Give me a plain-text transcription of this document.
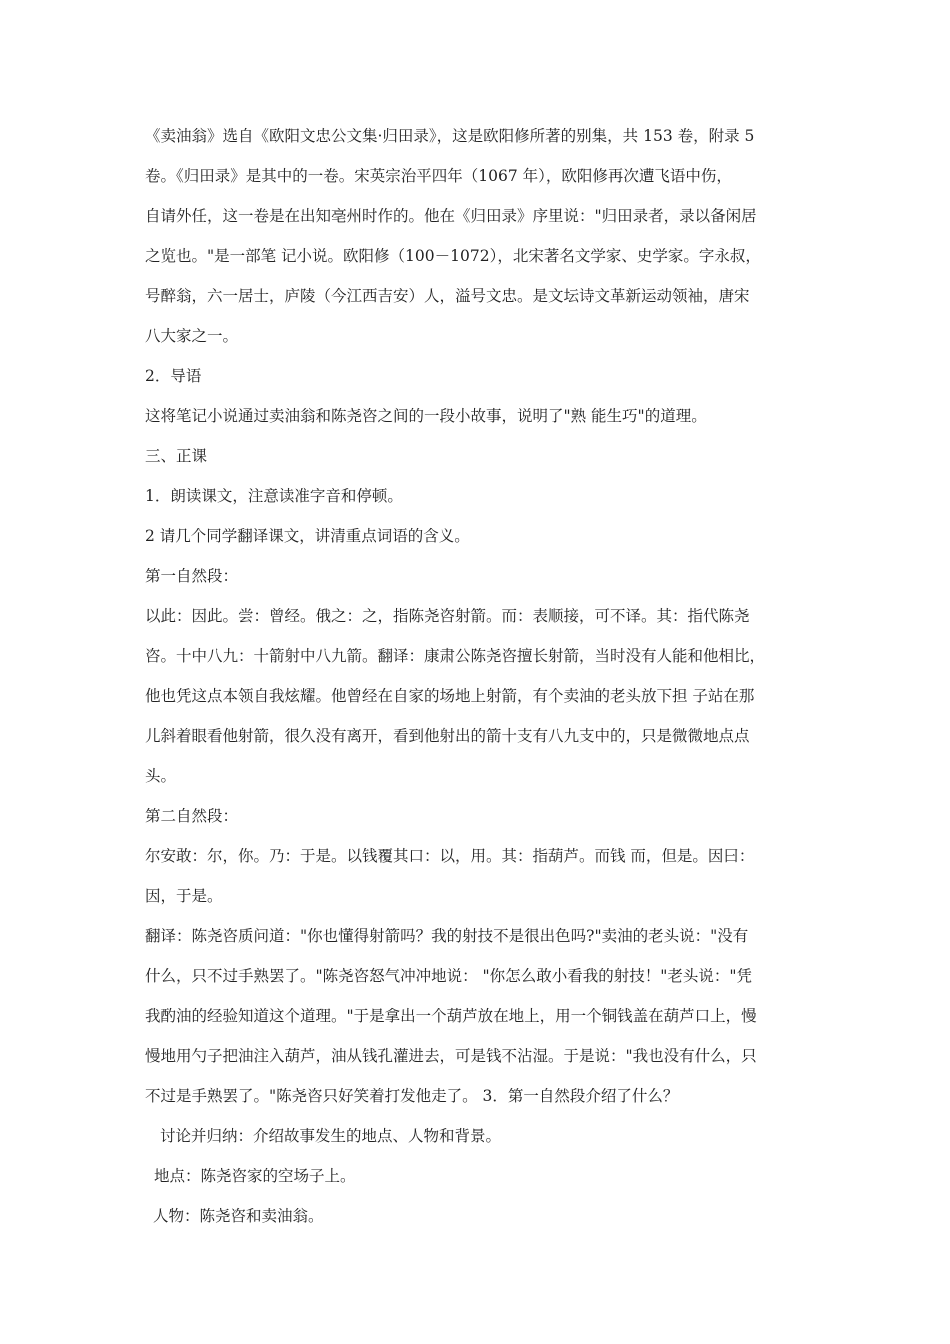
《卖油翁》选自《欧阳文忠公文集·归田录》，这是欧阳修所著的别集，共 153 卷，附录 5
卷。《归田录》是其中的一卷。宋英宗治平四年（1067 年），欧阳修再次遭飞语中伤，
自请外任，这一卷是在出知亳州时作的。他在《归田录》序里说："归田录者，录以备闲居
之览也。"是一部笔 记小说。欧阳修（100－1072），北宋著名文学家、史学家。字永叔，
号醉翁，六一居士，庐陵（今江西吉安）人，溢号文忠。是文坛诗文革新运动领袖，唐宋
八大家之一。
2．导语
这将笔记小说通过卖油翁和陈尧咨之间的一段小故事，说明了"熟 能生巧"的道理。
三、正课
1．朗读课文，注意读准字音和停顿。
2 请几个同学翻译课文，讲清重点词语的含义。
第一自然段：
以此：因此。尝：曾经。俄之：之，指陈尧咨射箭。而：表顺接，可不译。其：指代陈尧
咨。十中八九：十箭射中八九箭。翻译：康肃公陈尧咨擅长射箭，当时没有人能和他相比，
他也凭这点本领自我炫耀。他曾经在自家的场地上射箭，有个卖油的老头放下担 子站在那
儿斜着眼看他射箭，很久没有离开，看到他射出的箭十支有八九支中的，只是微微地点点
头。
第二自然段：
尔安敢：尔，你。乃：于是。以钱覆其口：以，用。其：指葫芦。而钱 而，但是。因曰：
因，于是。
翻译：陈尧咨质问道："你也懂得射箭吗？我的射技不是很出色吗?"卖油的老头说："没有
什么，只不过手熟罢了。"陈尧咨怒气冲冲地说： "你怎么敢小看我的射技！"老头说："凭
我酌油的经验知道这个道理。"于是拿出一个葫芦放在地上，用一个铜钱盖在葫芦口上，慢
慢地用勺子把油注入葫芦，油从钱孔灌进去，可是钱不沾湿。于是说："我也没有什么，只
不过是手熟罢了。"陈尧咨只好笑着打发他走了。 3．第一自然段介绍了什么？
讨论并归纳：介绍故事发生的地点、人物和背景。
地点：陈尧咨家的空场子上。
人物：陈尧咨和卖油翁。
